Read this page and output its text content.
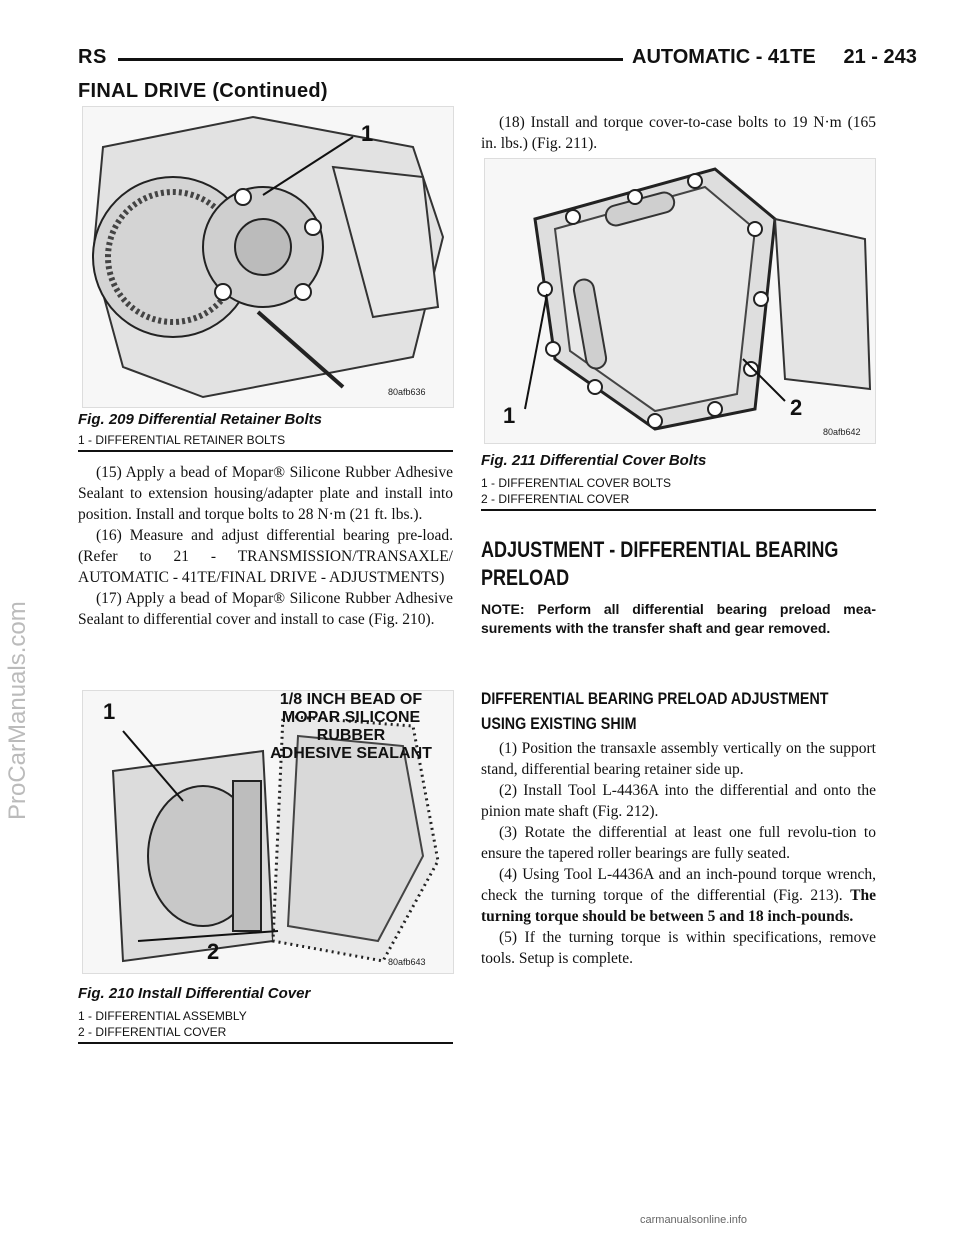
RS	AUTOMATIC - 41TE     21 - 243
FINAL DRIVE (Continued)
1
80afb636
Fig. 209 Differential Retainer Bolts
1 - DIFFERENTIAL RETAINER BOLTS

(15) Apply a bead of Mopar® Silicone Rubber Adhesive Sealant to extension housing/adapter plate and install into position. Install and torque bolts to 28 N·m (21 ft. lbs.).

(16) Measure and adjust differential bearing pre-load. (Refer to 21 - TRANSMISSION/TRANSAXLE/ AUTOMATIC - 41TE/FINAL DRIVE - ADJUSTMENTS)

(17) Apply a bead of Mopar® Silicone Rubber Adhesive Sealant to differential cover and install to case (Fig. 210).

1
2
1/8 INCH BEAD OF
MOPAR SILICONE RUBBER
ADHESIVE SEALANT
80afb643
Fig. 210 Install Differential Cover
1 - DIFFERENTIAL ASSEMBLY
2 - DIFFERENTIAL COVER

(18) Install and torque cover-to-case bolts to 19 N·m (165 in. lbs.) (Fig. 211).

1	2
80afb642
Fig. 211 Differential Cover Bolts
1 - DIFFERENTIAL COVER BOLTS
2 - DIFFERENTIAL COVER
ADJUSTMENT - DIFFERENTIAL BEARING
PRELOAD
NOTE: Perform all differential bearing preload mea-surements with the transfer shaft and gear removed.
DIFFERENTIAL BEARING PRELOAD ADJUSTMENT
USING EXISTING SHIM

(1) Position the transaxle assembly vertically on the support stand, differential bearing retainer side up.

(2) Install Tool L-4436A into the differential and onto the pinion mate shaft (Fig. 212).

(3) Rotate the differential at least one full revolu-tion to ensure the tapered roller bearings are fully seated.

(4) Using Tool L-4436A and an inch-pound torque wrench, check the turning torque of the differential (Fig. 213). The turning torque should be between 5 and 18 inch-pounds.

(5) If the turning torque is within specifications, remove tools. Setup is complete.

ProCarManuals.com
carmanualsonline.info
